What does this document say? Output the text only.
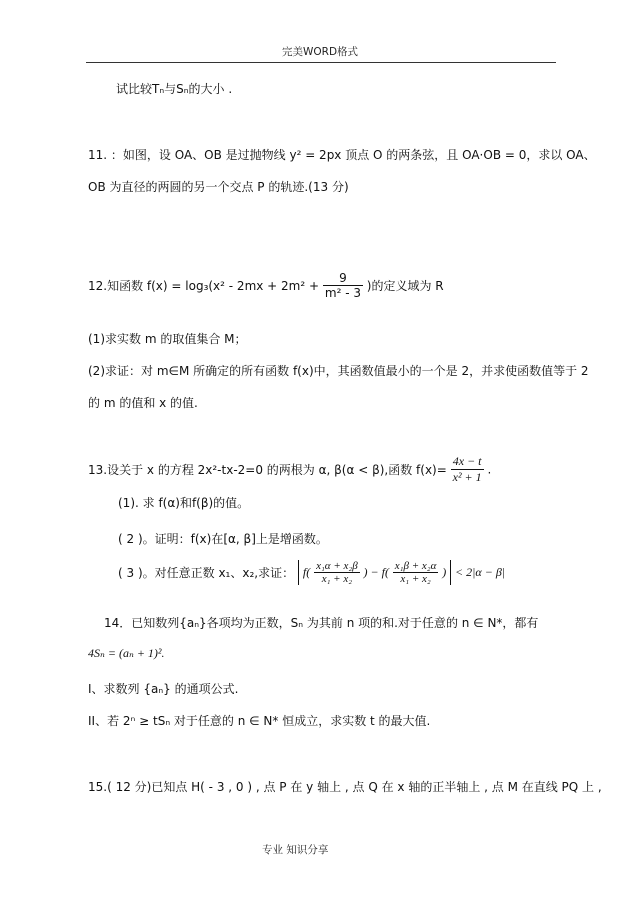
完美WORD格式
试比较Tₙ与Sₙ的大小 .
11. ：如图，设 OA、OB 是过抛物线 y² = 2px 顶点 O 的两条弦，且 OA·OB = 0，求以 OA、
OB 为直径的两圆的另一个交点 P 的轨迹.(13 分)
12.知函数 $f(x) = \log_3(x^2 - 2mx + 2m^2 + \frac{9}{\text{m² - 3}}$ )的定义域为 R
(1)求实数 m 的取值集合 M；
(2)求证：对 m∈M 所确定的所有函数 f(x)中，其函数值最小的一个是 2，并求使函数值等于 2
的 m 的值和 x 的值.
13.设关于 x 的方程 2x²-tx-2=0 的两根为 α, β(α < β),函数 $f(x)= \frac{4x - t}{\text{x² + 1}}$ .
(1). 求 f(α)和f(β)的值。
( 2 )。证明：f(x)在[α, β]上是增函数。
( 3 )。对任意正数 x₁、x₂,求证： $f( \frac{\text{x₁α + x₂β}}{\text{x₁ + x₂}}$ ) − $f( \frac{\text{x₁β + x₂α}}{\text{x₁ + x₂}}$ ) < 2|α − β|
14．已知数列{aₙ}各项均为正数，Sₙ 为其前 n 项的和.对于任意的 n ∈ N*，都有
4Sₙ = (aₙ + 1)².
I、求数列 {aₙ} 的通项公式.
II、若 2ⁿ ≥ tSₙ 对于任意的 n ∈ N* 恒成立，求实数 t 的最大值.
15.( 12 分)已知点 H( - 3 , 0 ) , 点 P 在 y 轴上 , 点 Q 在 x 轴的正半轴上 , 点 M 在直线 PQ 上 ,
专业 知识分享
